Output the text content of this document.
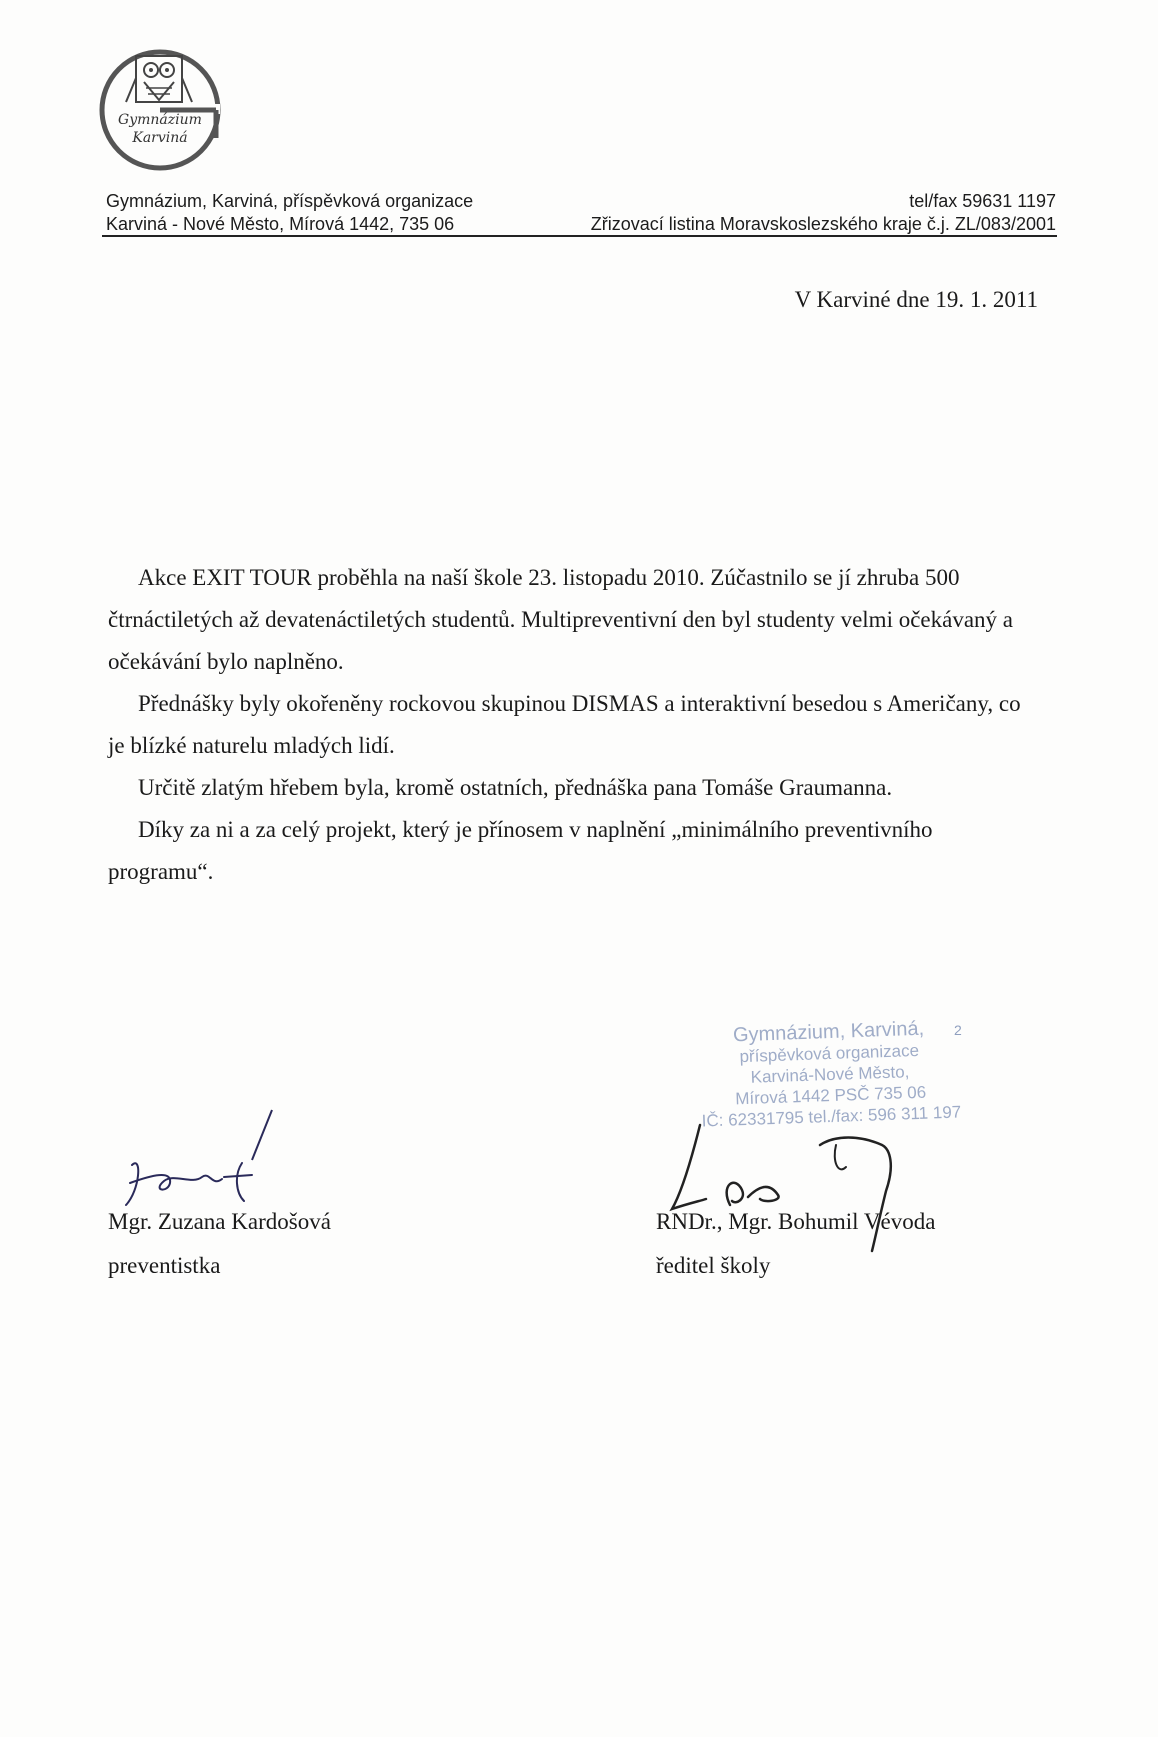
Gymnázium
Karviná
Gymnázium, Karviná, příspěvková organizace
Karviná - Nové Město, Mírová 1442, 735 06
tel/fax 59631 1197
Zřizovací listina Moravskoslezského kraje č.j. ZL/083/2001
V Karviné dne 19. 1. 2011

Akce EXIT TOUR proběhla na naší škole 23. listopadu 2010. Zúčastnilo se jí zhruba 500 čtrnáctiletých až devatenáctiletých studentů. Multipreventivní den byl studenty velmi očekávaný a očekávání bylo naplněno.

Přednášky byly okořeněny rockovou skupinou DISMAS a interaktivní besedou s Američany, co je blízké naturelu mladých lidí.

Určitě zlatým hřebem byla, kromě ostatních, přednáška pana Tomáše Graumanna.

Díky za ni a za celý projekt, který je přínosem v naplnění „minimálního preventivního programu“.

Gymnázium, Karviná,
příspěvková organizace
Karviná-Nové Město,
Mírová 1442 PSČ 735 06
IČ: 62331795 tel./fax: 596 311 197
2
Mgr. Zuzana Kardošová
preventistka
RNDr., Mgr. Bohumil Vévoda
ředitel školy
